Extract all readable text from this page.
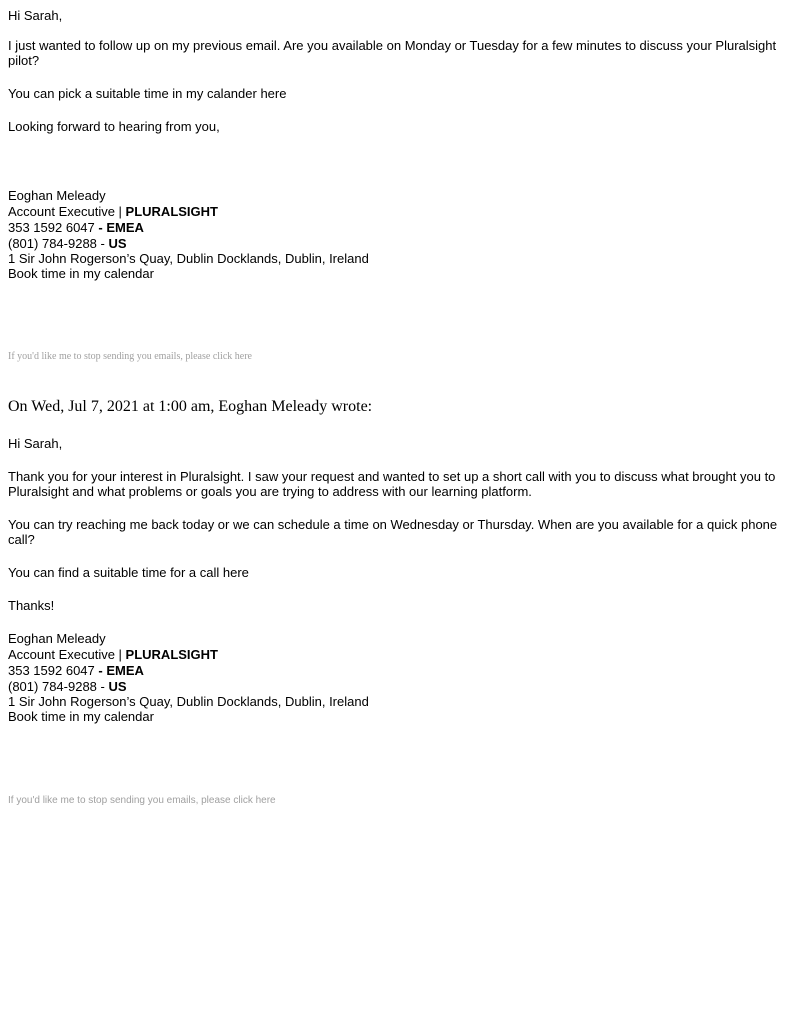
Hi Sarah,
I just wanted to follow up on my previous email. Are you available on Monday or Tuesday for a few minutes to discuss your Pluralsight pilot?
You can pick a suitable time in my calander here
Looking forward to hearing from you,
Eoghan Meleady
Account Executive | PLURALSIGHT
353 1592 6047 - EMEA
(801) 784-9288 - US
1 Sir John Rogerson’s Quay, Dublin Docklands, Dublin, Ireland
Book time in my calendar
If you'd like me to stop sending you emails, please click here
On Wed, Jul 7, 2021 at 1:00 am, Eoghan Meleady wrote:
Hi Sarah,
Thank you for your interest in Pluralsight. I saw your request and wanted to set up a short call with you to discuss what brought you to Pluralsight and what problems or goals you are trying to address with our learning platform.
You can try reaching me back today or we can schedule a time on Wednesday or Thursday. When are you available for a quick phone call?
You can find a suitable time for a call here
Thanks!
Eoghan Meleady
Account Executive | PLURALSIGHT
353 1592 6047 - EMEA
(801) 784-9288 - US
1 Sir John Rogerson’s Quay, Dublin Docklands, Dublin, Ireland
Book time in my calendar
If you'd like me to stop sending you emails, please click here
